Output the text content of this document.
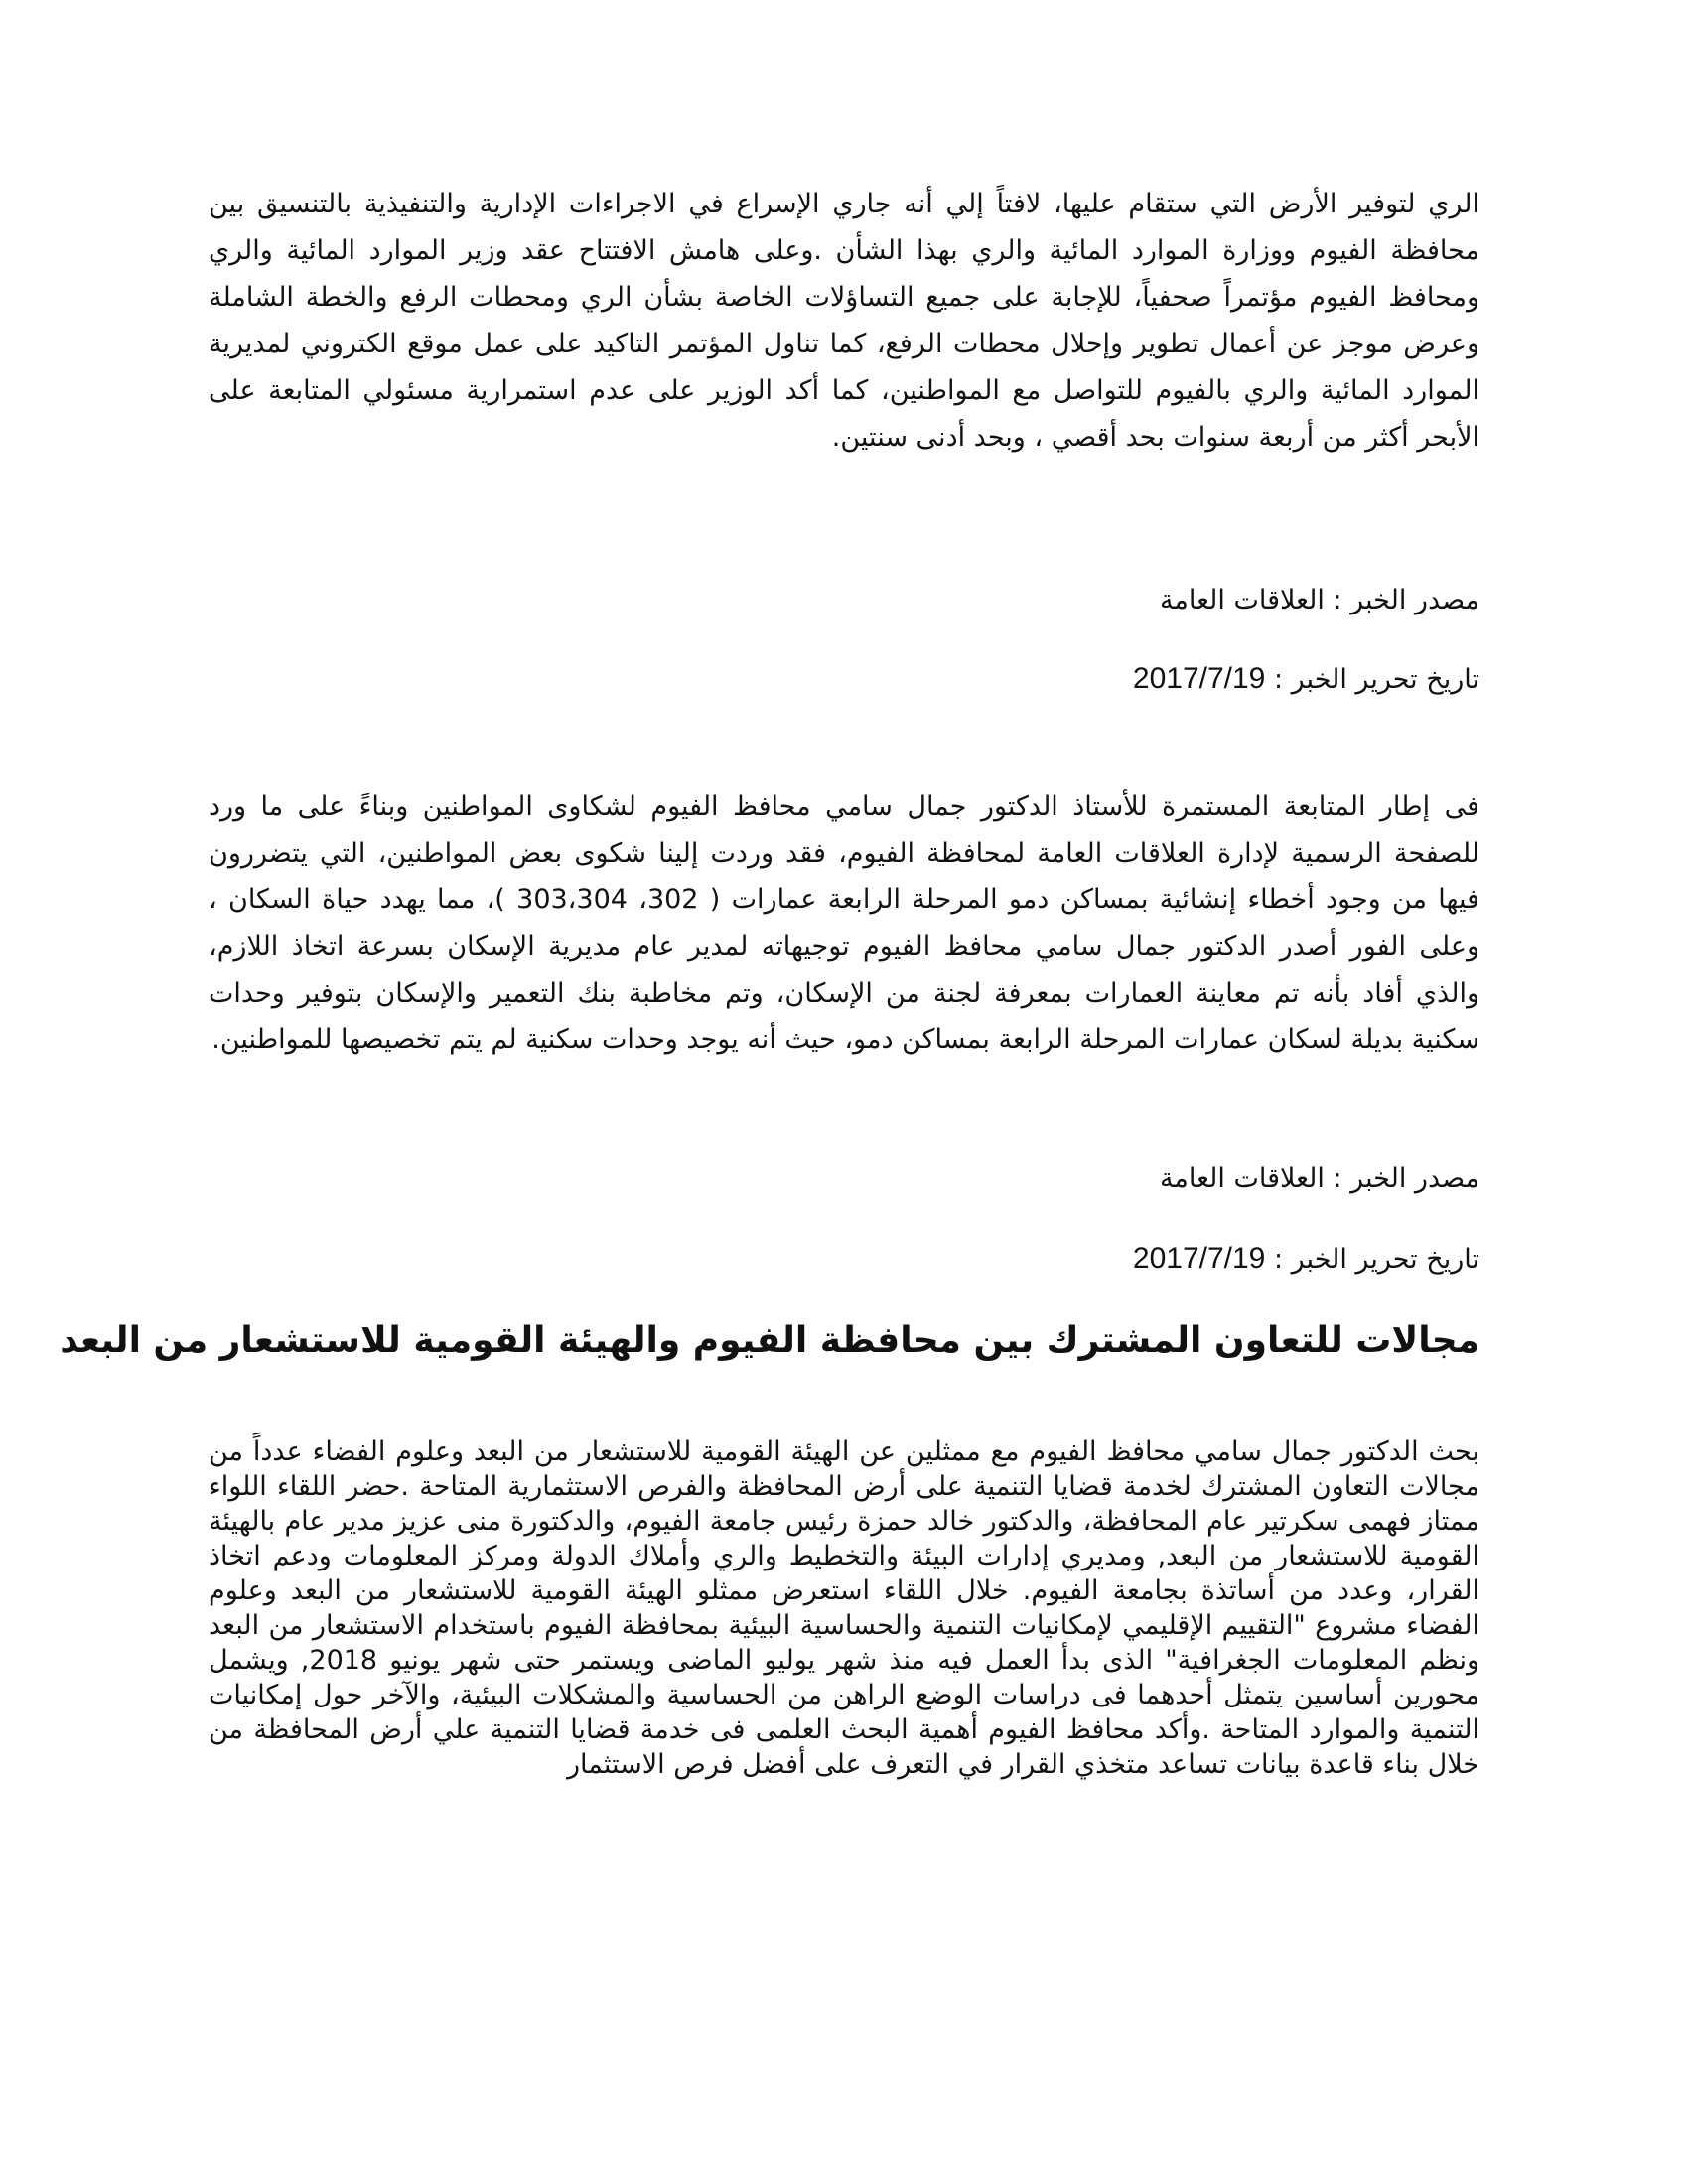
الري لتوفير الأرض التي ستقام عليها، لافتاً إلي أنه جاري الإسراع في الاجراءات الإدارية والتنفيذية بالتنسيق بين محافظة الفيوم ووزارة الموارد المائية والري بهذا الشأن .وعلى هامش الافتتاح عقد وزير الموارد المائية والري ومحافظ الفيوم مؤتمراً صحفياً، للإجابة على جميع التساؤلات الخاصة بشأن الري ومحطات الرفع والخطة الشاملة وعرض موجز عن أعمال تطوير وإحلال محطات الرفع، كما تناول المؤتمر التاكيد على عمل موقع الكتروني لمديرية الموارد المائية والري بالفيوم للتواصل مع المواطنين، كما أكد الوزير على عدم استمرارية مسئولي المتابعة على الأبحر أكثر من أربعة سنوات بحد أقصي ، وبحد أدنى سنتين.

مصدر الخبر : العلاقات العامة

تاريخ تحرير الخبر : 2017/7/19

فى إطار المتابعة المستمرة للأستاذ الدكتور جمال سامي محافظ الفيوم لشكاوى المواطنين وبناءً على ما ورد للصفحة الرسمية لإدارة العلاقات العامة لمحافظة الفيوم، فقد وردت إلينا شكوى بعض المواطنين، التي يتضررون فيها من وجود أخطاء إنشائية بمساكن دمو المرحلة الرابعة عمارات ( 302، 303،304 )، مما يهدد حياة السكان ، وعلى الفور أصدر الدكتور جمال سامي محافظ الفيوم توجيهاته لمدير عام مديرية الإسكان بسرعة اتخاذ اللازم، والذي أفاد بأنه تم معاينة العمارات بمعرفة لجنة من الإسكان، وتم مخاطبة بنك التعمير والإسكان بتوفير وحدات سكنية بديلة لسكان عمارات المرحلة الرابعة بمساكن دمو، حيث أنه يوجد وحدات سكنية لم يتم تخصيصها للمواطنين.

مصدر الخبر : العلاقات العامة

تاريخ تحرير الخبر : 2017/7/19

مجالات للتعاون المشترك بين محافظة الفيوم والهيئة القومية للاستشعار من البعد

بحث الدكتور جمال سامي محافظ الفيوم مع ممثلين عن الهيئة القومية للاستشعار من البعد وعلوم الفضاء عدداً من مجالات التعاون المشترك لخدمة قضايا التنمية على أرض المحافظة والفرص الاستثمارية المتاحة .حضر اللقاء اللواء ممتاز فهمى سكرتير عام المحافظة، والدكتور خالد حمزة رئيس جامعة الفيوم، والدكتورة منى عزيز مدير عام بالهيئة القومية للاستشعار من البعد, ومديري إدارات البيئة والتخطيط والري وأملاك الدولة ومركز المعلومات ودعم اتخاذ القرار، وعدد من أساتذة بجامعة الفيوم. خلال اللقاء استعرض ممثلو الهيئة القومية للاستشعار من البعد وعلوم الفضاء مشروع "التقييم الإقليمي لإمكانيات التنمية والحساسية البيئية بمحافظة الفيوم باستخدام الاستشعار من البعد ونظم المعلومات الجغرافية" الذى بدأ العمل فيه منذ شهر يوليو الماضى ويستمر حتى شهر يونيو 2018, ويشمل محورين أساسين يتمثل أحدهما فى دراسات الوضع الراهن من الحساسية والمشكلات البيئية، والآخر حول إمكانيات التنمية والموارد المتاحة .وأكد محافظ الفيوم أهمية البحث العلمى فى خدمة قضايا التنمية علي أرض المحافظة من خلال بناء قاعدة بيانات تساعد متخذي القرار في التعرف على أفضل فرص الاستثمار
